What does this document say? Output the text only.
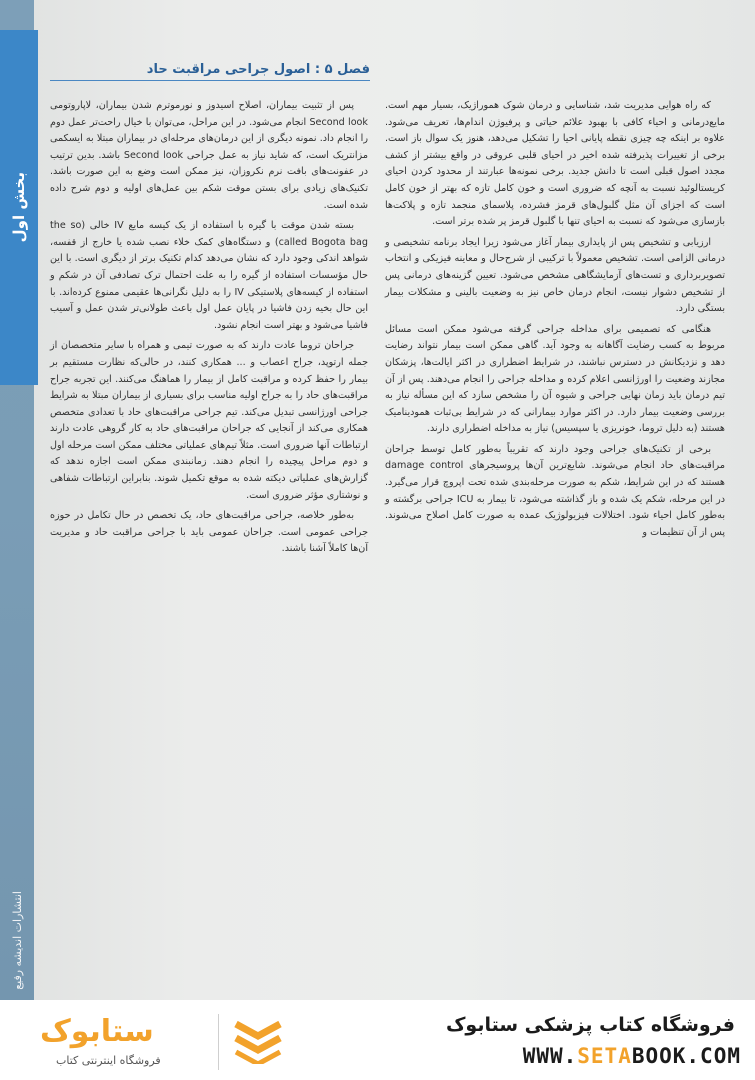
بخش اول
انتشارات اندیشه رفیع
فصل ۵ : اصول جراحی مراقبت حاد

که راه هوایی مدیریت شد، شناسایی و درمان شوک هموراژیک، بسیار مهم است. مایع‌درمانی و احیاء کافی با بهبود علائم حیاتی و پرفیوژن اندام‌ها، تعریف می‌شود. علاوه بر اینکه چه چیزی نقطه پایانی احیا را تشکیل می‌دهد، هنوز یک سوال باز است. برخی از تغییرات پذیرفته شده اخیر در احیای قلبی عروقی در واقع بیشتر از کشف مجدد اصول قبلی است تا دانش جدید. برخی نمونه‌ها عبارتند از محدود کردن احیای کریستالوئید نسبت به آنچه که ضروری است و خون کامل تازه که بهتر از خون کامل است که اجزای آن مثل گلبول‌های قرمز فشرده، پلاسمای منجمد تازه و پلاکت‌ها بازسازی می‌شود که نسبت به احیای تنها با گلبول قرمز پر شده برتر است.

ارزیابی و تشخیص پس از پایداری بیمار آغاز می‌شود زیرا ایجاد برنامه تشخیصی و درمانی الزامی است. تشخیص معمولاً با ترکیبی از شرح‌حال و معاینه فیزیکی و انتخاب تصویربرداری و تست‌های آزمایشگاهی مشخص می‌شود. تعیین گزینه‌های درمانی پس از تشخیص دشوار نیست، انجام درمان خاص نیز به وضعیت بالینی و مشکلات بیمار بستگی دارد.

هنگامی که تصمیمی برای مداخله جراحی گرفته می‌شود ممکن است مسائل مربوط به کسب رضایت آگاهانه به وجود آید. گاهی ممکن است بیمار نتواند رضایت دهد و نزدیکانش در دسترس نباشند، در شرایط اضطراری در اکثر ایالت‌ها، پزشکان مجازند وضعیت را اورژانسی اعلام کرده و مداخله جراحی را انجام می‌دهند. پس از آن تیم درمان باید زمان نهایی جراحی و شیوه آن را مشخص سازد که این مسأله نیاز به بررسی وضعیت بیمار دارد. در اکثر موارد بیمارانی که در شرایط بی‌ثبات همودینامیک هستند (به دلیل تروما، خونریزی یا سپسیس) نیاز به مداخله اضطراری دارند.

برخی از تکنیک‌های جراحی وجود دارند که تقریباً به‌طور کامل توسط جراحان مراقبت‌های حاد انجام می‌شوند. شایع‌ترین آن‌ها پروسیجرهای damage control هستند که در این شرایط، شکم به صورت مرحله‌بندی شده تحت اپروچ قرار می‌گیرد. در این مرحله، شکم یک شده و باز گذاشته می‌شود، تا بیمار به ICU جراحی برگشته و به‌طور کامل احیاء شود. اختلالات فیزیولوژیک عمده به صورت کامل اصلاح می‌شوند. پس از آن تنظیمات و

پس از تثبیت بیماران، اصلاح اسیدوز و نورموترم شدن بیماران، لاپاروتومی Second look انجام می‌شود. در این مراحل، می‌توان با خیال راحت‌تر عمل دوم را انجام داد. نمونه دیگری از این درمان‌های مرحله‌ای در بیماران مبتلا به ایسکمی مزانتریک است، که شاید نیاز به عمل جراحی Second look باشد. بدین ترتیب در عفونت‌های بافت نرم نکروزان، نیز ممکن است وضع به این صورت باشد. تکنیک‌های زیادی برای بستن موقت شکم بین عمل‌های اولیه و دوم شرح داده شده است.

بسته شدن موقت با گیره با استفاده از یک کیسه مایع IV خالی (the so called Bogota bag) و دستگاه‌های کمک خلاء نصب شده یا خارج از قفسه، شواهد اندکی وجود دارد که نشان می‌دهد کدام تکنیک برتر از دیگری است. با این حال مؤسسات استفاده از گیره را به علت احتمال ترک تصادفی آن در شکم و استفاده از کیسه‌های پلاستیکی IV را به دلیل نگرانی‌ها عقیمی ممنوع کرده‌اند. با این حال بخیه زدن فاشیا در پایان عمل اول باعث طولانی‌تر شدن عمل و آسیب فاشیا می‌شود و بهتر است انجام نشود.

جراحان تروما عادت دارند که به صورت تیمی و همراه با سایر متخصصان از جمله ارتوپد، جراح اعصاب و ... همکاری کنند، در حالی‌که نظارت مستقیم بر بیمار را حفظ کرده و مراقبت کامل از بیمار را هماهنگ می‌کنند. این تجربه جراح مراقبت‌های حاد را به جراح اولیه مناسب برای بسیاری از بیماران مبتلا به شرایط جراحی اورژانسی تبدیل می‌کند. تیم جراحی مراقبت‌های حاد با تعدادی متخصص همکاری می‌کند از آنجایی که جراحان مراقبت‌های حاد به کار گروهی عادت دارند ارتباطات آنها ضروری است. مثلاً تیم‌های عملیاتی مختلف ممکن است مرحله اول و دوم مراحل پیچیده را انجام دهند. زمانبندی ممکن است اجازه ندهد که گزارش‌های عملیاتی دیکته شده به موقع تکمیل شوند. بنابراین ارتباطات شفاهی و نوشتاری مؤثر ضروری است.

به‌طور خلاصه، جراحی مراقبت‌های حاد، یک تخصص در حال تکامل در حوزه جراحی عمومی است. جراحان عمومی باید با جراحی مراقبت حاد و مدیریت آن‌ها کاملاً آشنا باشند.

فروشگاه کتاب پزشکی ستابوک
WWW.SETABOOK.COM
ستابوک
فروشگاه اینترنتی کتاب
